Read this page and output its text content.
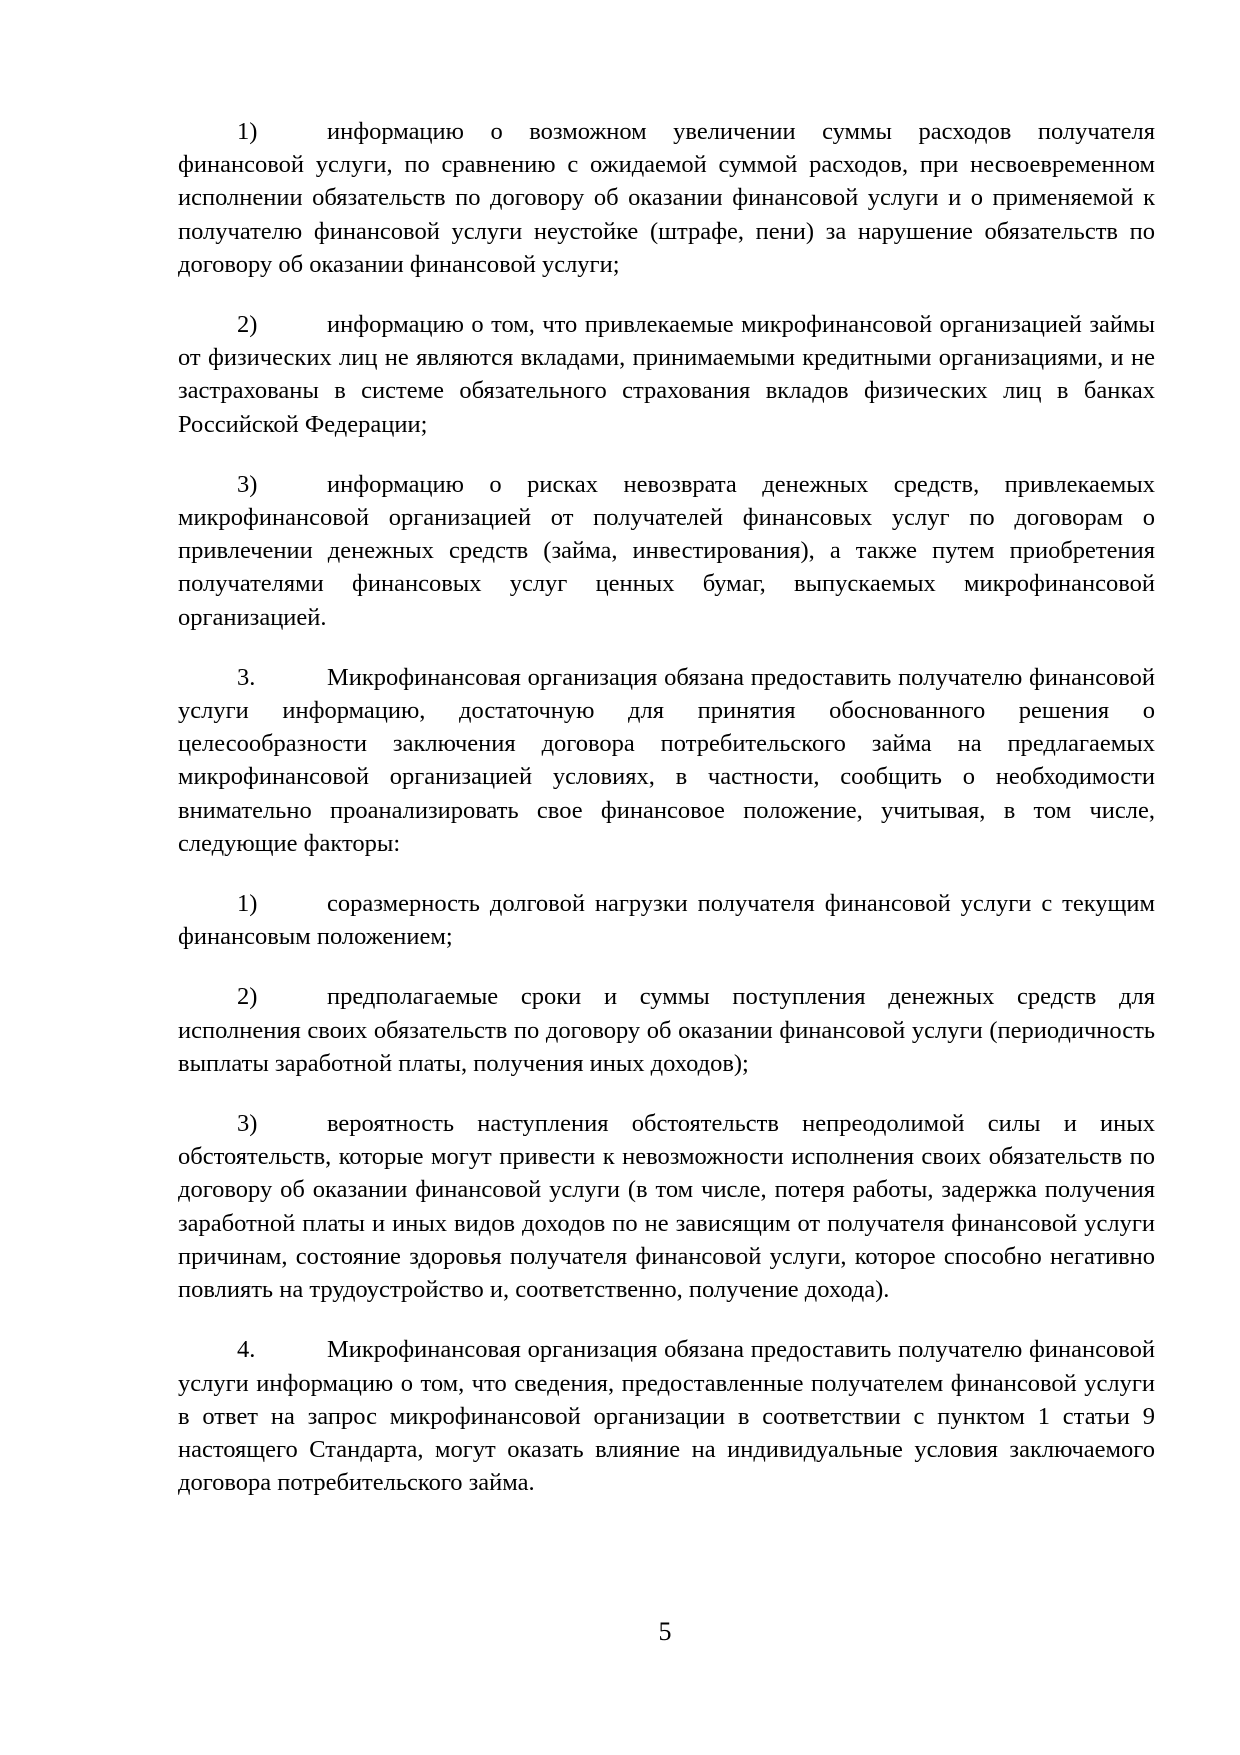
1)	информацию о возможном увеличении суммы расходов получателя финансовой услуги, по сравнению с ожидаемой суммой расходов, при несвоевременном исполнении обязательств по договору об оказании финансовой услуги и о применяемой к получателю финансовой услуги неустойке (штрафе, пени) за нарушение обязательств по договору об оказании финансовой услуги;

2)	информацию о том, что привлекаемые микрофинансовой организацией займы от физических лиц не являются вкладами, принимаемыми кредитными организациями, и не застрахованы в системе обязательного страхования вкладов физических лиц в банках Российской Федерации;

3)	информацию о рисках невозврата денежных средств, привлекаемых микрофинансовой организацией от получателей финансовых услуг по договорам о привлечении денежных средств (займа, инвестирования), а также путем приобретения получателями финансовых услуг ценных бумаг, выпускаемых микрофинансовой организацией.

3.	Микрофинансовая организация обязана предоставить получателю финансовой услуги информацию, достаточную для принятия обоснованного решения о целесообразности заключения договора потребительского займа на предлагаемых микрофинансовой организацией условиях, в частности, сообщить о необходимости внимательно проанализировать свое финансовое положение, учитывая, в том числе, следующие факторы:

1)	соразмерность долговой нагрузки получателя финансовой услуги с текущим финансовым положением;

2)	предполагаемые сроки и суммы поступления денежных средств для исполнения своих обязательств по договору об оказании финансовой услуги (периодичность выплаты заработной платы, получения иных доходов);

3)	вероятность наступления обстоятельств непреодолимой силы и иных обстоятельств, которые могут привести к невозможности исполнения своих обязательств по договору об оказании финансовой услуги (в том числе, потеря работы, задержка получения заработной платы и иных видов доходов по не зависящим от получателя финансовой услуги причинам, состояние здоровья получателя финансовой услуги, которое способно негативно повлиять на трудоустройство и, соответственно, получение дохода).

4.	Микрофинансовая организация обязана предоставить получателю финансовой услуги информацию о том, что сведения, предоставленные получателем финансовой услуги в ответ на запрос микрофинансовой организации в соответствии с пунктом 1 статьи 9 настоящего Стандарта, могут оказать влияние на индивидуальные условия заключаемого договора потребительского займа.

5
